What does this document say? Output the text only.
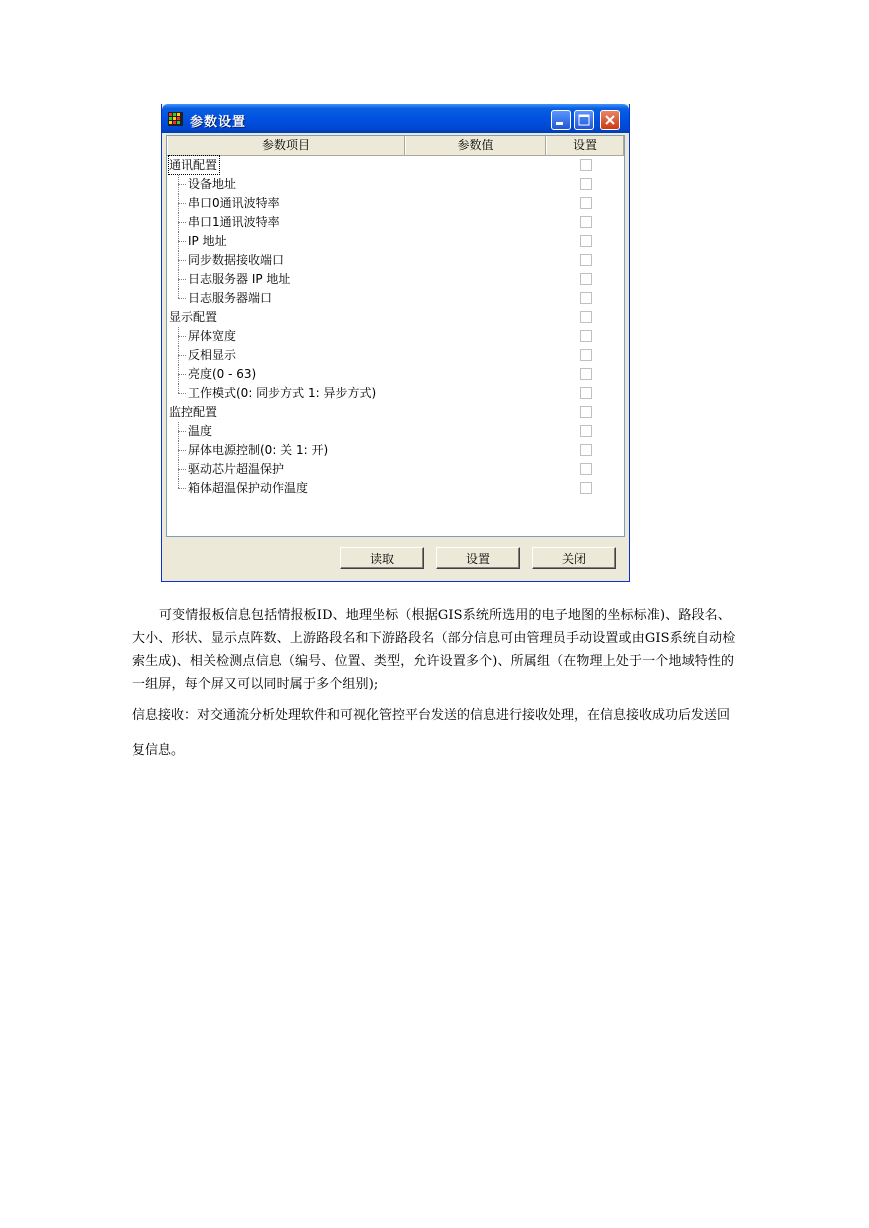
参数设置
参数项目	参数值	设置
通讯配置
设备地址
串口0通讯波特率
串口1通讯波特率
IP 地址
同步数据接收端口
日志服务器 IP 地址
日志服务器端口
显示配置
屏体宽度
反相显示
亮度(0 - 63)
工作模式(0: 同步方式 1: 异步方式)
监控配置
温度
屏体电源控制(0: 关 1: 开)
驱动芯片超温保护
箱体超温保护动作温度
读取	设置	关闭

可变情报板信息包括情报板ID、地理坐标（根据GIS系统所选用的电子地图的坐标标准)、路段名、大小、形状、显示点阵数、上游路段名和下游路段名（部分信息可由管理员手动设置或由GIS系统自动检索生成)、相关检测点信息（编号、位置、类型，允许设置多个)、所属组（在物理上处于一个地域特性的一组屏，每个屏又可以同时属于多个组别);

信息接收：对交通流分析处理软件和可视化管控平台发送的信息进行接收处理，在信息接收成功后发送回复信息。
